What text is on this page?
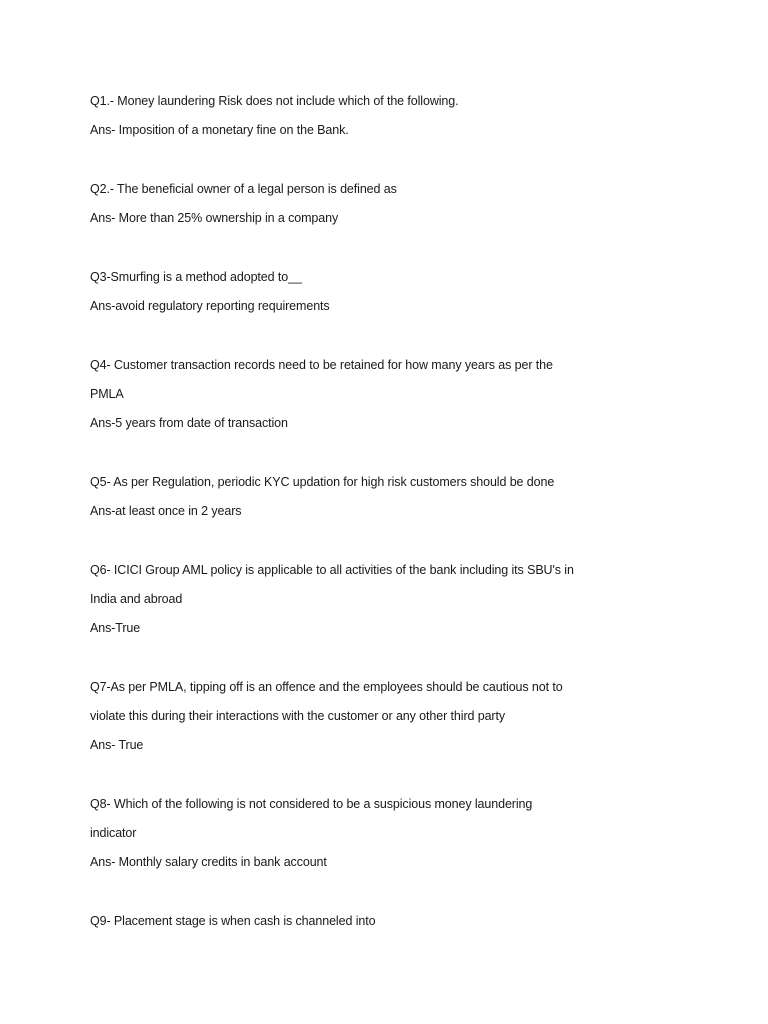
Q1.- Money laundering Risk does not include which of the following.
Ans- Imposition of a monetary fine on the Bank.
Q2.- The beneficial owner of a legal person is defined as
Ans- More than 25% ownership in a company
Q3-Smurfing is a method adopted to__
Ans-avoid regulatory reporting requirements
Q4- Customer transaction records need to be retained for how many years as per the
PMLA
Ans-5 years from date of transaction
Q5- As per Regulation, periodic KYC updation for high risk customers should be done
Ans-at least once in 2 years
Q6- ICICI Group AML policy is applicable to all activities of the bank including its SBU's in
India and abroad
Ans-True
Q7-As per PMLA, tipping off is an offence and the employees should be cautious not to
violate this during their interactions with the customer or any other third party
Ans- True
Q8- Which of the following is not considered to be a suspicious money laundering
indicator
Ans- Monthly salary credits in bank account
Q9- Placement stage is when cash is channeled into
